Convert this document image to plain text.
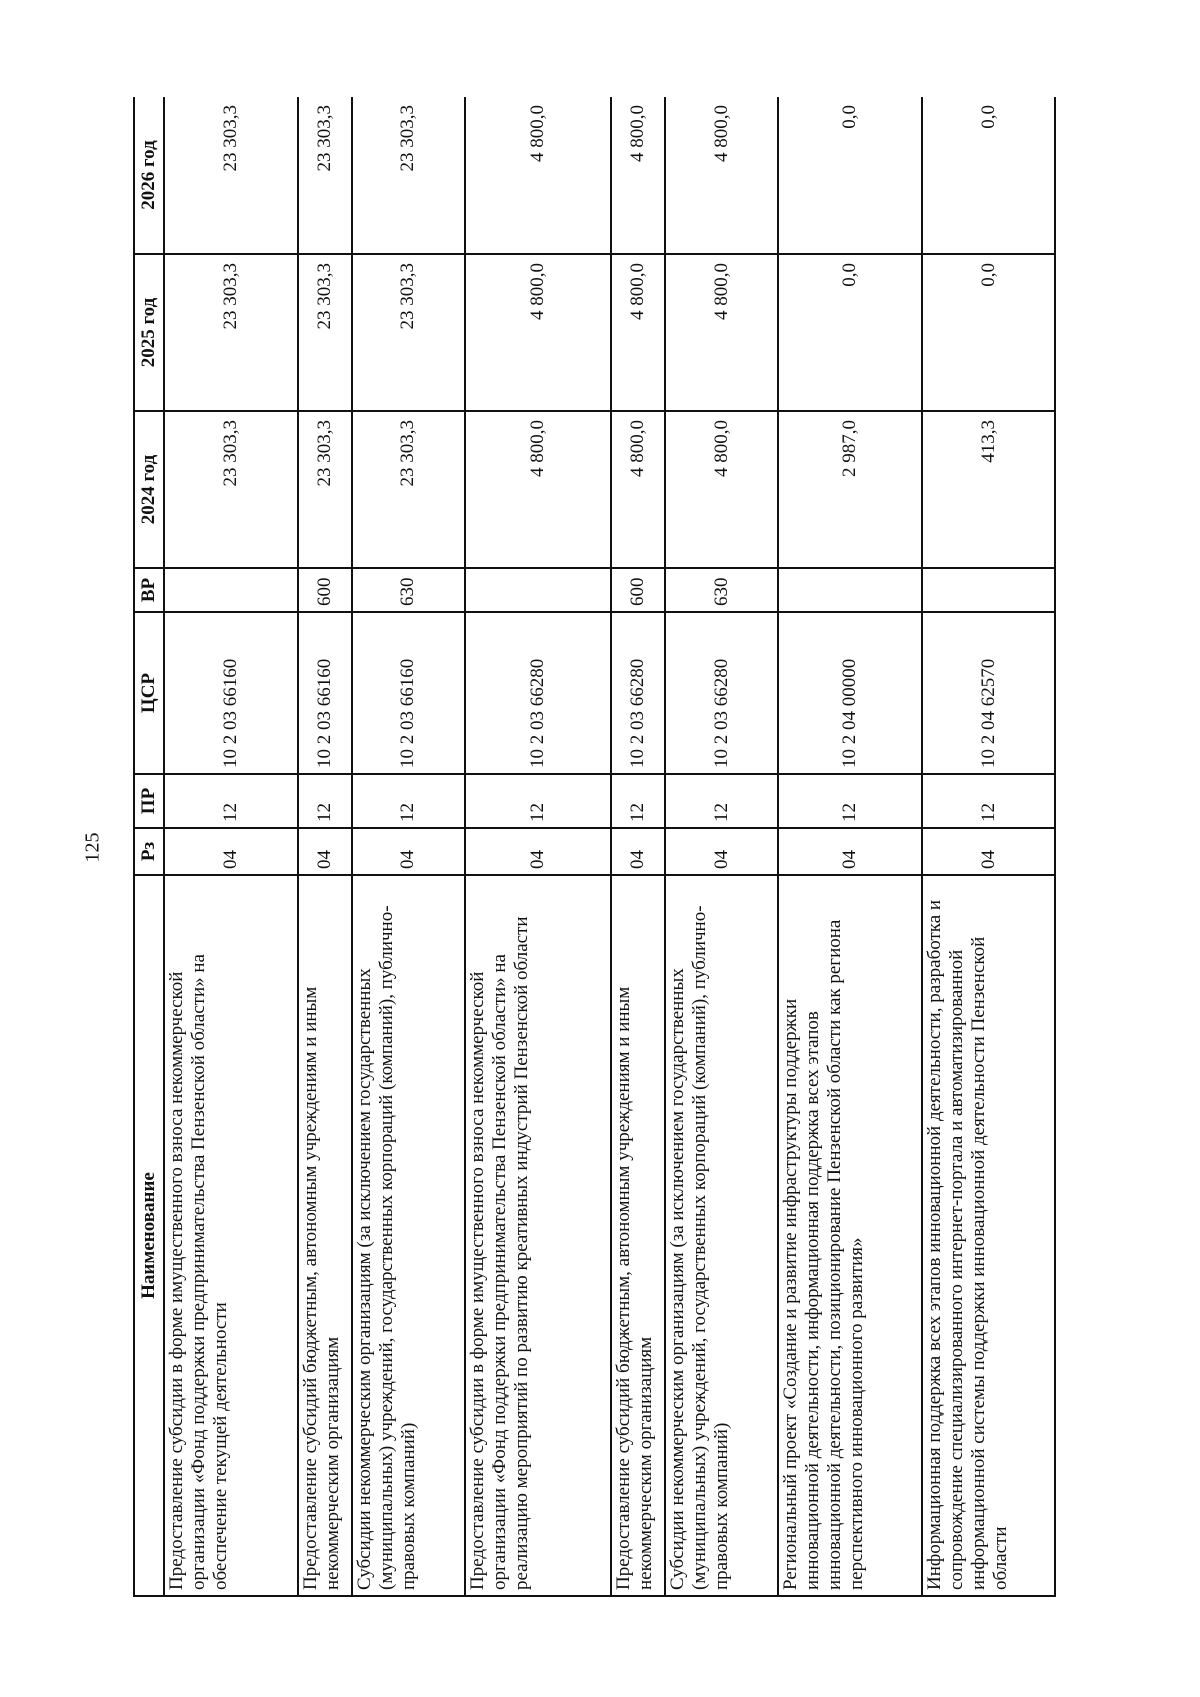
125
Наименование	Рз	ПР	ЦСР	ВР	2024 год	2025 год	2026 год
Предоставление субсидии в форме имущественного взноса некоммерческой организации «Фонд поддержки предпринимательства Пензенской области» на обеспечение текущей деятельности	04	12	10 2 03 66160		23 303,3	23 303,3	23 303,3
Предоставление субсидий бюджетным, автономным учреждениям и иным некоммерческим организациям	04	12	10 2 03 66160	600	23 303,3	23 303,3	23 303,3
Субсидии некоммерческим организациям (за исключением государственных (муниципальных) учреждений, государственных корпораций (компаний), публично-правовых компаний)	04	12	10 2 03 66160	630	23 303,3	23 303,3	23 303,3
Предоставление субсидии в форме имущественного взноса некоммерческой организации «Фонд поддержки предпринимательства Пензенской области» на реализацию мероприятий по развитию креативных индустрий Пензенской области	04	12	10 2 03 66280		4 800,0	4 800,0	4 800,0
Предоставление субсидий бюджетным, автономным учреждениям и иным некоммерческим организациям	04	12	10 2 03 66280	600	4 800,0	4 800,0	4 800,0
Субсидии некоммерческим организациям (за исключением государственных (муниципальных) учреждений, государственных корпораций (компаний), публично-правовых компаний)	04	12	10 2 03 66280	630	4 800,0	4 800,0	4 800,0
Региональный проект «Создание и развитие инфраструктуры поддержки инновационной деятельности, информационная поддержка всех этапов инновационной деятельности, позиционирование Пензенской области как региона перспективного инновационного развития»	04	12	10 2 04 00000		2 987,0	0,0	0,0
Информационная поддержка всех этапов инновационной деятельности, разработка и сопровождение специализированного интернет-портала и автоматизированной информационной системы поддержки инновационной деятельности Пензенской области	04	12	10 2 04 62570		413,3	0,0	0,0
